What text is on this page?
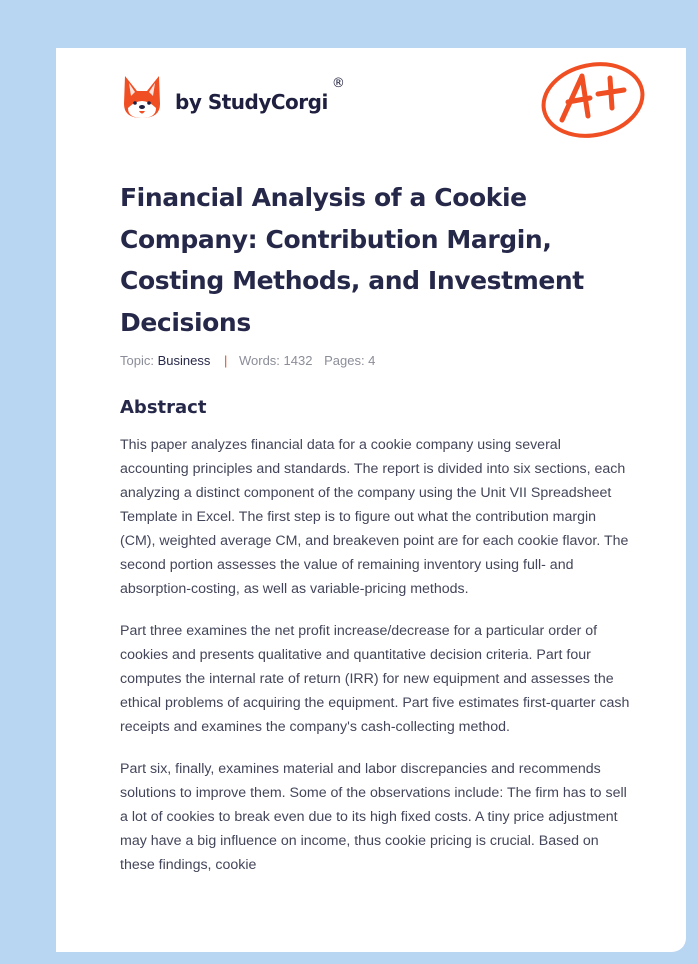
by StudyCorgi
®
Financial Analysis of a Cookie Company: Contribution Margin, Costing Methods, and Investment Decisions
Topic: Business | Words: 1432 Pages: 4
Abstract

This paper analyzes financial data for a cookie company using several accounting principles and standards. The report is divided into six sections, each analyzing a distinct component of the company using the Unit VII Spreadsheet Template in Excel. The first step is to figure out what the contribution margin (CM), weighted average CM, and breakeven point are for each cookie flavor. The second portion assesses the value of remaining inventory using full- and absorption-costing, as well as variable-pricing methods.

Part three examines the net profit increase/decrease for a particular order of cookies and presents qualitative and quantitative decision criteria. Part four computes the internal rate of return (IRR) for new equipment and assesses the ethical problems of acquiring the equipment. Part five estimates first-quarter cash receipts and examines the company's cash-collecting method.

Part six, finally, examines material and labor discrepancies and recommends solutions to improve them. Some of the observations include: The firm has to sell a lot of cookies to break even due to its high fixed costs. A tiny price adjustment may have a big influence on income, thus cookie pricing is crucial. Based on these findings, cookie
